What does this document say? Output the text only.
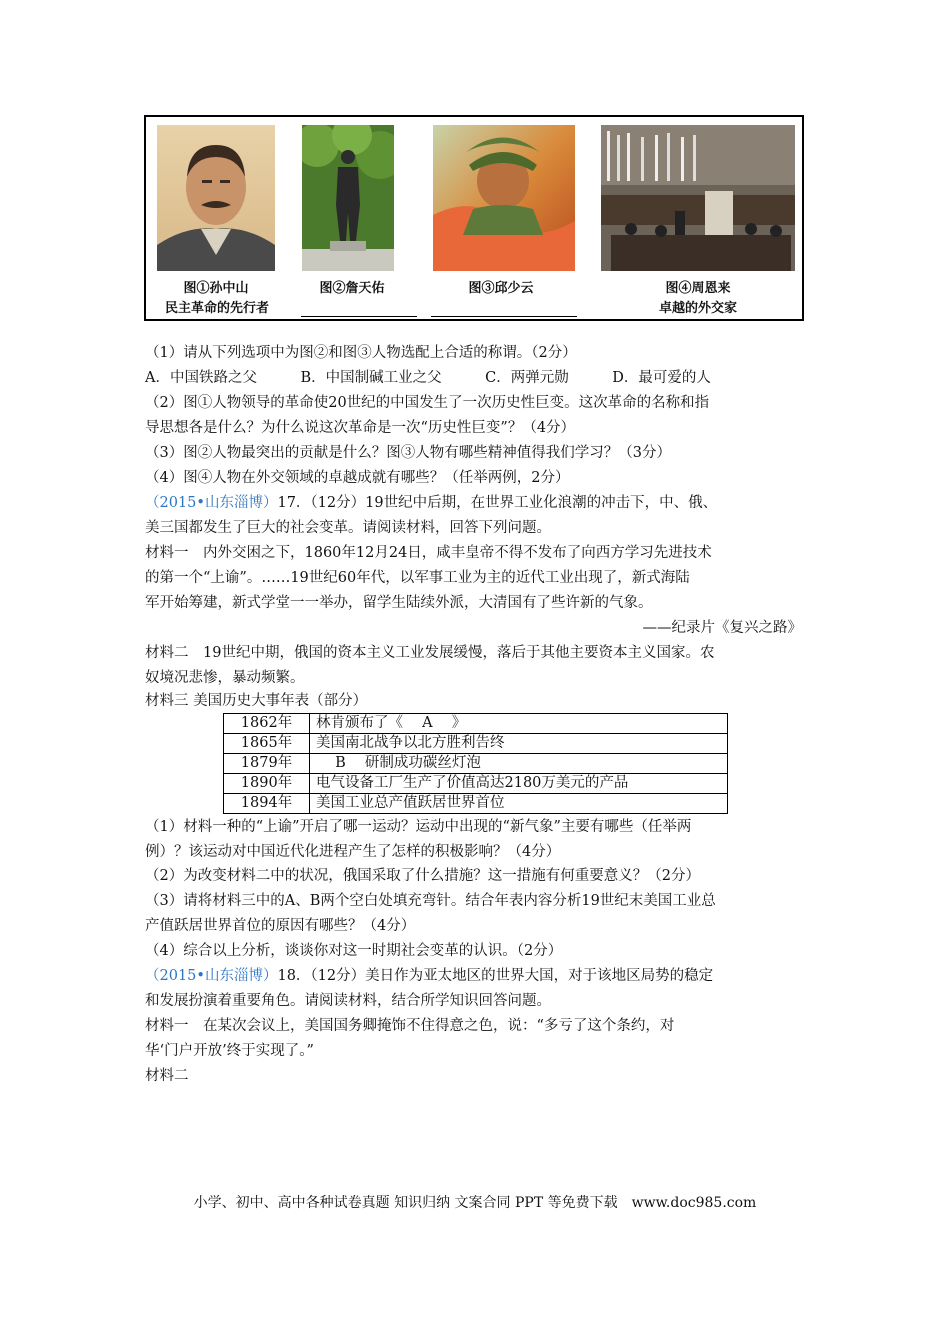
图①孙中山
民主革命的先行者
图②詹天佑	图③邱少云	图④周恩来
卓越的外交家
（1）请从下列选项中为图②和图③人物选配上合适的称谓。（2分）
A．中国铁路之父　　　B．中国制碱工业之父　　　C．两弹元勋　　　D．最可爱的人
（2）图①人物领导的革命使20世纪的中国发生了一次历史性巨变。这次革命的名称和指
导思想各是什么？为什么说这次革命是一次“历史性巨变”？（4分）
（3）图②人物最突出的贡献是什么？图③人物有哪些精神值得我们学习？（3分）
（4）图④人物在外交领域的卓越成就有哪些？（任举两例，2分）
（2015•山东淄博）17．（12分）19世纪中后期，在世界工业化浪潮的冲击下，中、俄、
美三国都发生了巨大的社会变革。请阅读材料，回答下列问题。
材料一　内外交困之下，1860年12月24日，咸丰皇帝不得不发布了向西方学习先进技术
的第一个“上谕”。……19世纪60年代，以军事工业为主的近代工业出现了，新式海陆
军开始筹建，新式学堂一一举办，留学生陆续外派，大清国有了些许新的气象。
——纪录片《复兴之路》
材料二　19世纪中期，俄国的资本主义工业发展缓慢，落后于其他主要资本主义国家。农
奴境况悲惨，暴动频繁。
材料三 美国历史大事年表（部分）
1862年	林肯颁布了《　 A　 》
1865年	美国南北战争以北方胜利告终
1879年	　 B　 研制成功碳丝灯泡
1890年	电气设备工厂生产了价值高达2180万美元的产品
1894年	美国工业总产值跃居世界首位
（1）材料一种的“上谕”开启了哪一运动？运动中出现的“新气象”主要有哪些（任举两
例）？该运动对中国近代化进程产生了怎样的积极影响？（4分）
（2）为改变材料二中的状况，俄国采取了什么措施？这一措施有何重要意义？（2分）
（3）请将材料三中的A、B两个空白处填充弯针。结合年表内容分析19世纪末美国工业总
产值跃居世界首位的原因有哪些？（4分）
（4）综合以上分析，谈谈你对这一时期社会变革的认识。（2分）
（2015•山东淄博）18．（12分）美日作为亚太地区的世界大国，对于该地区局势的稳定
和发展扮演着重要角色。请阅读材料，结合所学知识回答问题。
材料一　在某次会议上，美国国务卿掩饰不住得意之色，说：“多亏了这个条约，对
华‘门户开放’终于实现了。”
材料二
小学、初中、高中各种试卷真题 知识归纳 文案合同 PPT 等免费下载　www.doc985.com
